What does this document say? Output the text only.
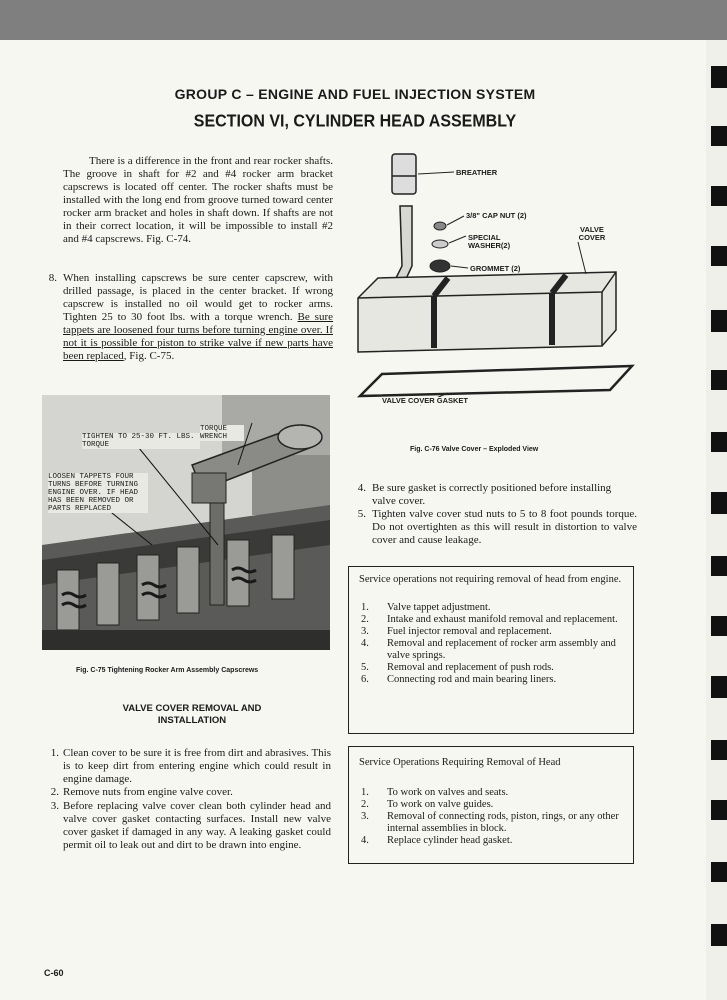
GROUP C – ENGINE AND FUEL INJECTION SYSTEM
SECTION VI, CYLINDER HEAD ASSEMBLY
There is a difference in the front and rear rocker shafts. The groove in shaft for #2 and #4 rocker arm bracket capscrews is located off center. The rocker shafts must be installed with the long end from groove turned toward center rocker arm bracket and holes in shaft down. If shafts are not in their correct location, it will be impossible to install #2 and #4 capscrews. Fig. C-74.
8. When installing capscrews be sure center capscrew, with drilled passage, is placed in the center bracket. If wrong capscrew is installed no oil would get to rocker arms. Tighten 25 to 30 foot lbs. with a torque wrench. Be sure tappets are loosened four turns before turning engine over. If not it is possible for piston to strike valve if new parts have been replaced, Fig. C-75.
TORQUE WRENCH
TIGHTEN TO 25-30 FT. LBS. TORQUE
LOOSEN TAPPETS FOUR TURNS BEFORE TURNING ENGINE OVER. IF HEAD HAS BEEN REMOVED OR PARTS REPLACED
Fig. C-75 Tightening Rocker Arm Assembly Capscrews
VALVE COVER REMOVAL AND INSTALLATION
1. Clean cover to be sure it is free from dirt and abrasives. This is to keep dirt from entering engine which could result in engine damage.
2. Remove nuts from engine valve cover.
3. Before replacing valve cover clean both cylinder head and valve cover gasket contacting surfaces. Install new valve cover gasket if damaged in any way. A leaking gasket could permit oil to leak out and dirt to be drawn into engine.
BREATHER
3/8" CAP NUT (2)
SPECIAL WASHER(2)
GROMMET (2)
VALVE COVER
VALVE COVER GASKET
Fig. C-76 Valve Cover – Exploded View
4. Be sure gasket is correctly positioned before installing valve cover.
5. Tighten valve cover stud nuts to 5 to 8 foot pounds torque. Do not overtighten as this will result in distortion to valve cover and cause leakage.
Service operations not requiring removal of head from engine.
1. Valve tappet adjustment.
2. Intake and exhaust manifold removal and replacement.
3. Fuel injector removal and replacement.
4. Removal and replacement of rocker arm assembly and valve springs.
5. Removal and replacement of push rods.
6. Connecting rod and main bearing liners.
Service Operations Requiring Removal of Head
1. To work on valves and seats.
2. To work on valve guides.
3. Removal of connecting rods, piston, rings, or any other internal assemblies in block.
4. Replace cylinder head gasket.
C-60
